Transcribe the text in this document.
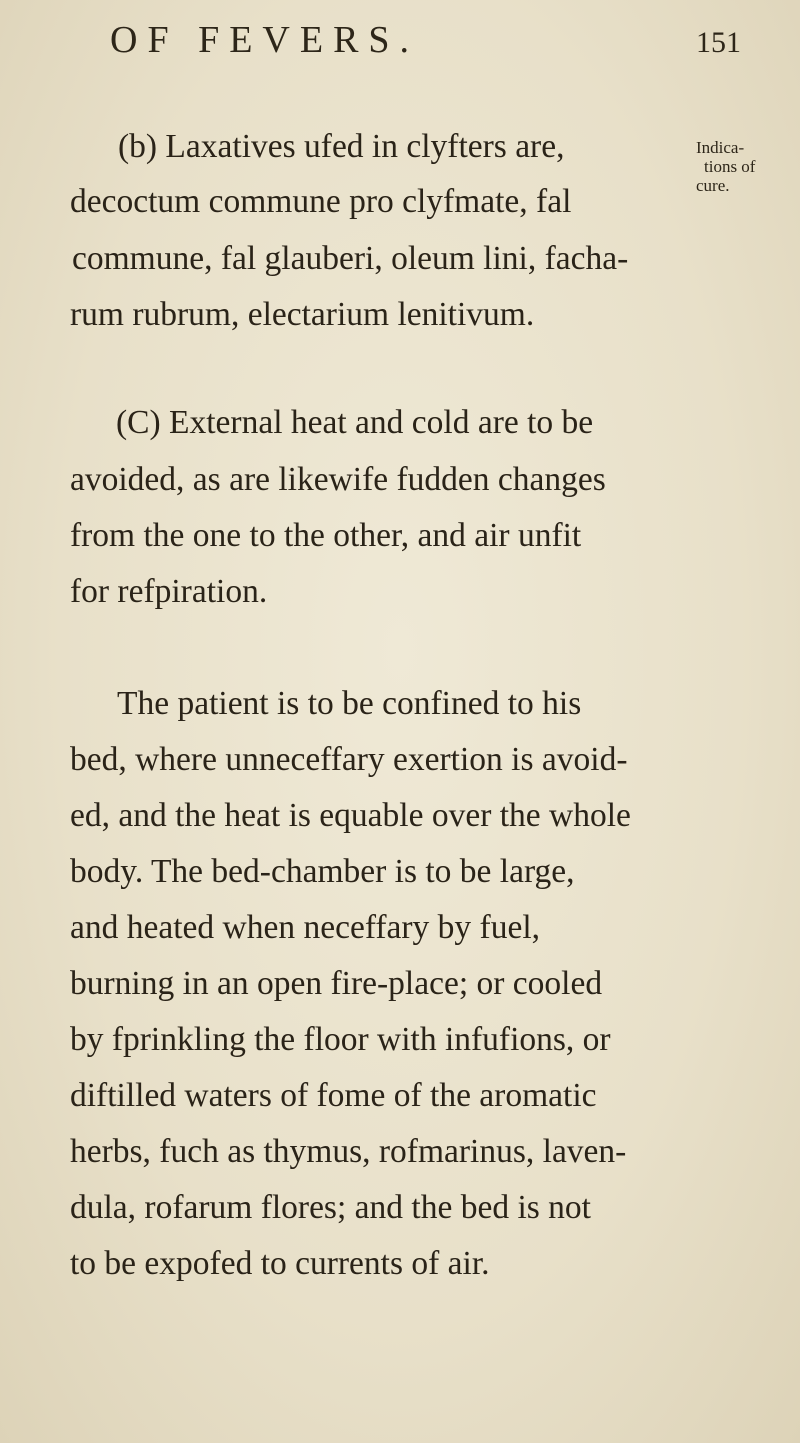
OF FEVERS.	151
Indica-
tions of
cure.
(b) Laxatives ufed in clyfters are,
decoctum commune pro clyfmate, fal
commune, fal glauberi, oleum lini, facha-
rum rubrum, electarium lenitivum.
(C) External heat and cold are to be
avoided, as are likewife fudden changes
from the one to the other, and air unfit
for refpiration.
The patient is to be confined to his
bed, where unneceffary exertion is avoid-
ed, and the heat is equable over the whole
body. The bed-chamber is to be large,
and heated when neceffary by fuel,
burning in an open fire-place; or cooled
by fprinkling the floor with infufions, or
diftilled waters of fome of the aromatic
herbs, fuch as thymus, rofmarinus, laven-
dula, rofarum flores; and the bed is not
to be expofed to currents of air.
